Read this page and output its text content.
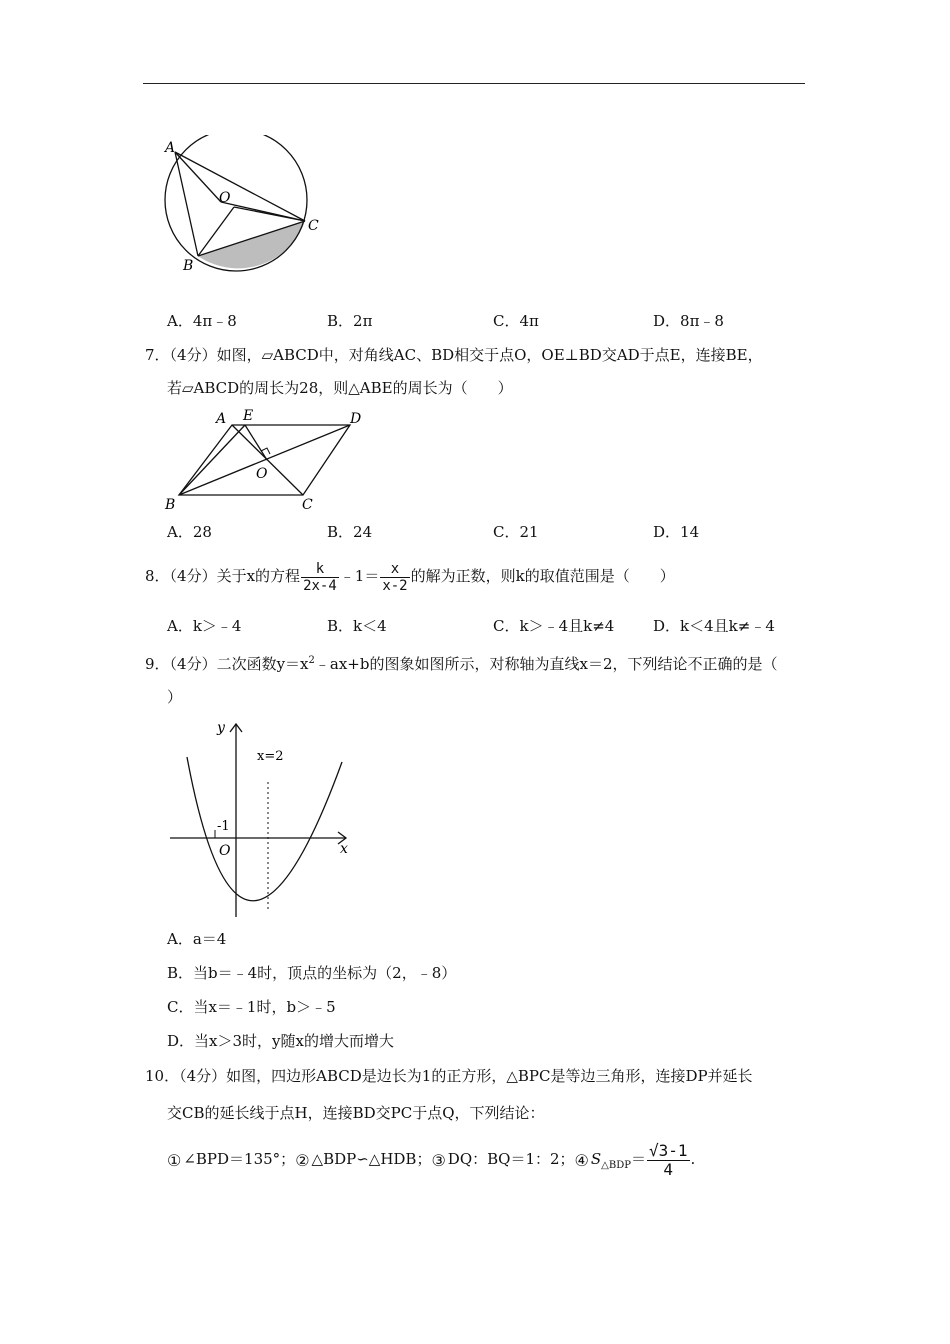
A
O
C
B
A．4π﹣8	B．2π	C．4π	D．8π﹣8
7．（4分）如图，▱ABCD中，对角线AC、BD相交于点O，OE⊥BD交AD于点E，连接BE，
若▱ABCD的周长为28，则△ABE的周长为（　　）
A E	D
O
B	C
A．28	B．24	C．21	D．14
8．（4分）关于x的方程 $\frac{k}{2x-4}$ ﹣1＝ $\frac{x}{x-2}$ 的解为正数，则k的取值范围是（　　）
A．k＞﹣4	B．k＜4	C．k＞﹣4且k≠4	D．k＜4且k≠﹣4
9．（4分）二次函数$y=x^2﹣ax+b$的图象如图所示，对称轴为直线x＝2，下列结论不正确的是（
）
y
x=2
-1
O	x
A．a＝4
B．当b＝﹣4时，顶点的坐标为（2，﹣8）
C．当x＝﹣1时，b＞﹣5
D．当x＞3时，y随x的增大而增大
10．（4分）如图，四边形ABCD是边长为1的正方形，△BPC是等边三角形，连接DP并延长
交CB的延长线于点H，连接BD交PC于点Q，下列结论：
① ∠BPD＝135°；② △BDP∽△HDB；③ DQ：BQ＝1：2；④ $S_{\triangle BDP}= \frac{√3-1}{4}$ .
